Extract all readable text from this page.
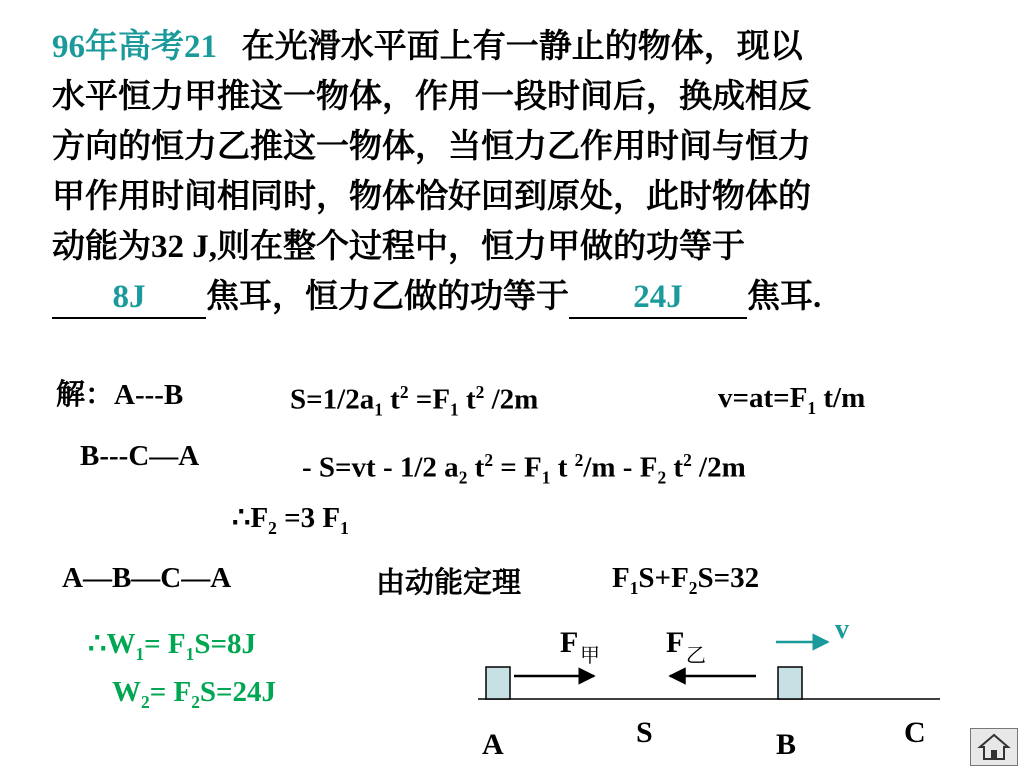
96年高考21 在光滑水平面上有一静止的物体，现以
水平恒力甲推这一物体，作用一段时间后，换成相反
方向的恒力乙推这一物体，当恒力乙作用时间与恒力
甲作用时间相同时，物体恰好回到原处，此时物体的
动能为32 J,则在整个过程中，恒力甲做的功等于
8J 焦耳，恒力乙做的功等于 24J 焦耳.
解：A---B	$S=1/2a_1$ $t^2 =F_1$ $t^2$ /2m	$v=at=F_1$ t/m
B---C—A	- S=vt - 1/2 $a_2$ $t^2 = F_1$ t $^2/m - F_2$ $t^2$ /2m
$\therefore F_2 =3$ $F_1$
A—B—C—A	由动能定理	$F_1S+F_2S=32$
$\therefore W_1= F_1S=8J$
$W_2= F_2S=24J$
F 甲 F 乙
v
A	S	B	C
